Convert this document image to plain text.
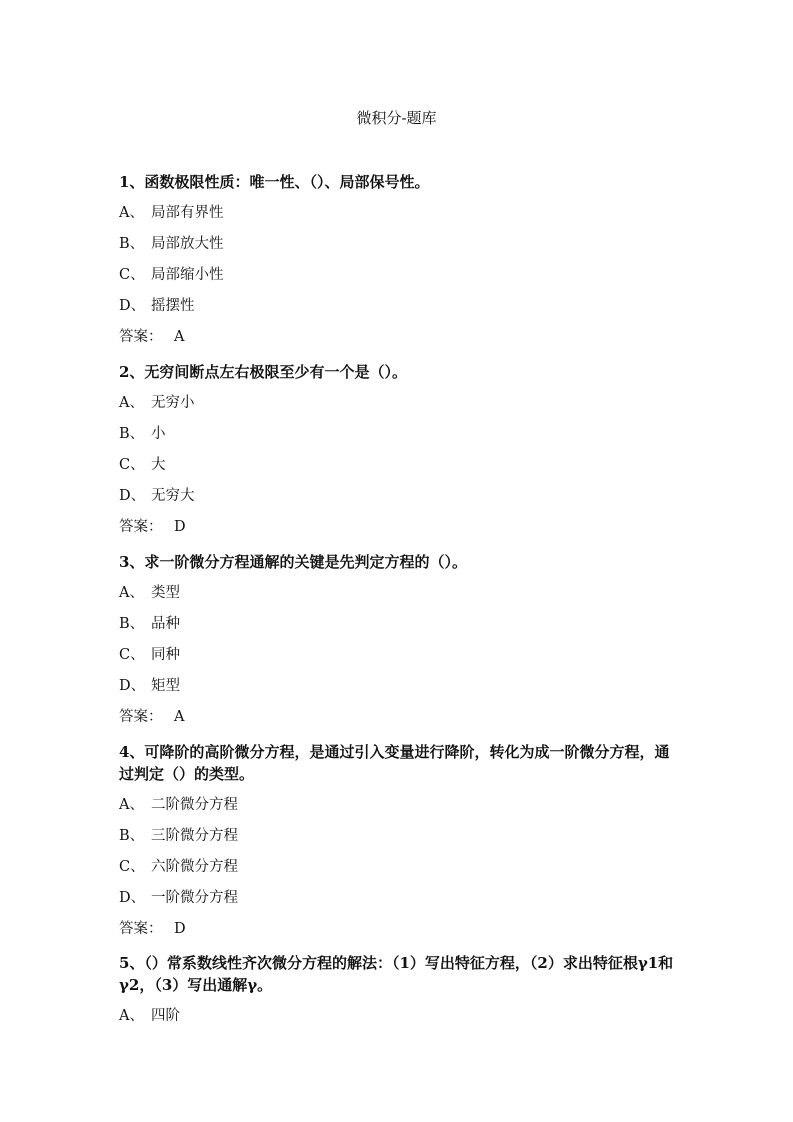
微积分-题库

1、函数极限性质：唯一性、（）、局部保号性。

A、 局部有界性
B、 局部放大性
C、 局部缩小性
D、 摇摆性
答案： A

2、无穷间断点左右极限至少有一个是（）。

A、 无穷小
B、 小
C、 大
D、 无穷大
答案： D

3、求一阶微分方程通解的关键是先判定方程的（）。

A、 类型
B、 品种
C、 同种
D、 矩型
答案： A

4、可降阶的高阶微分方程，是通过引入变量进行降阶，转化为成一阶微分方程，通过判定（）的类型。

A、 二阶微分方程
B、 三阶微分方程
C、 六阶微分方程
D、 一阶微分方程
答案： D

5、（）常系数线性齐次微分方程的解法：（1）写出特征方程，（2）求出特征根γ1和γ2，（3）写出通解γ。

A、 四阶
